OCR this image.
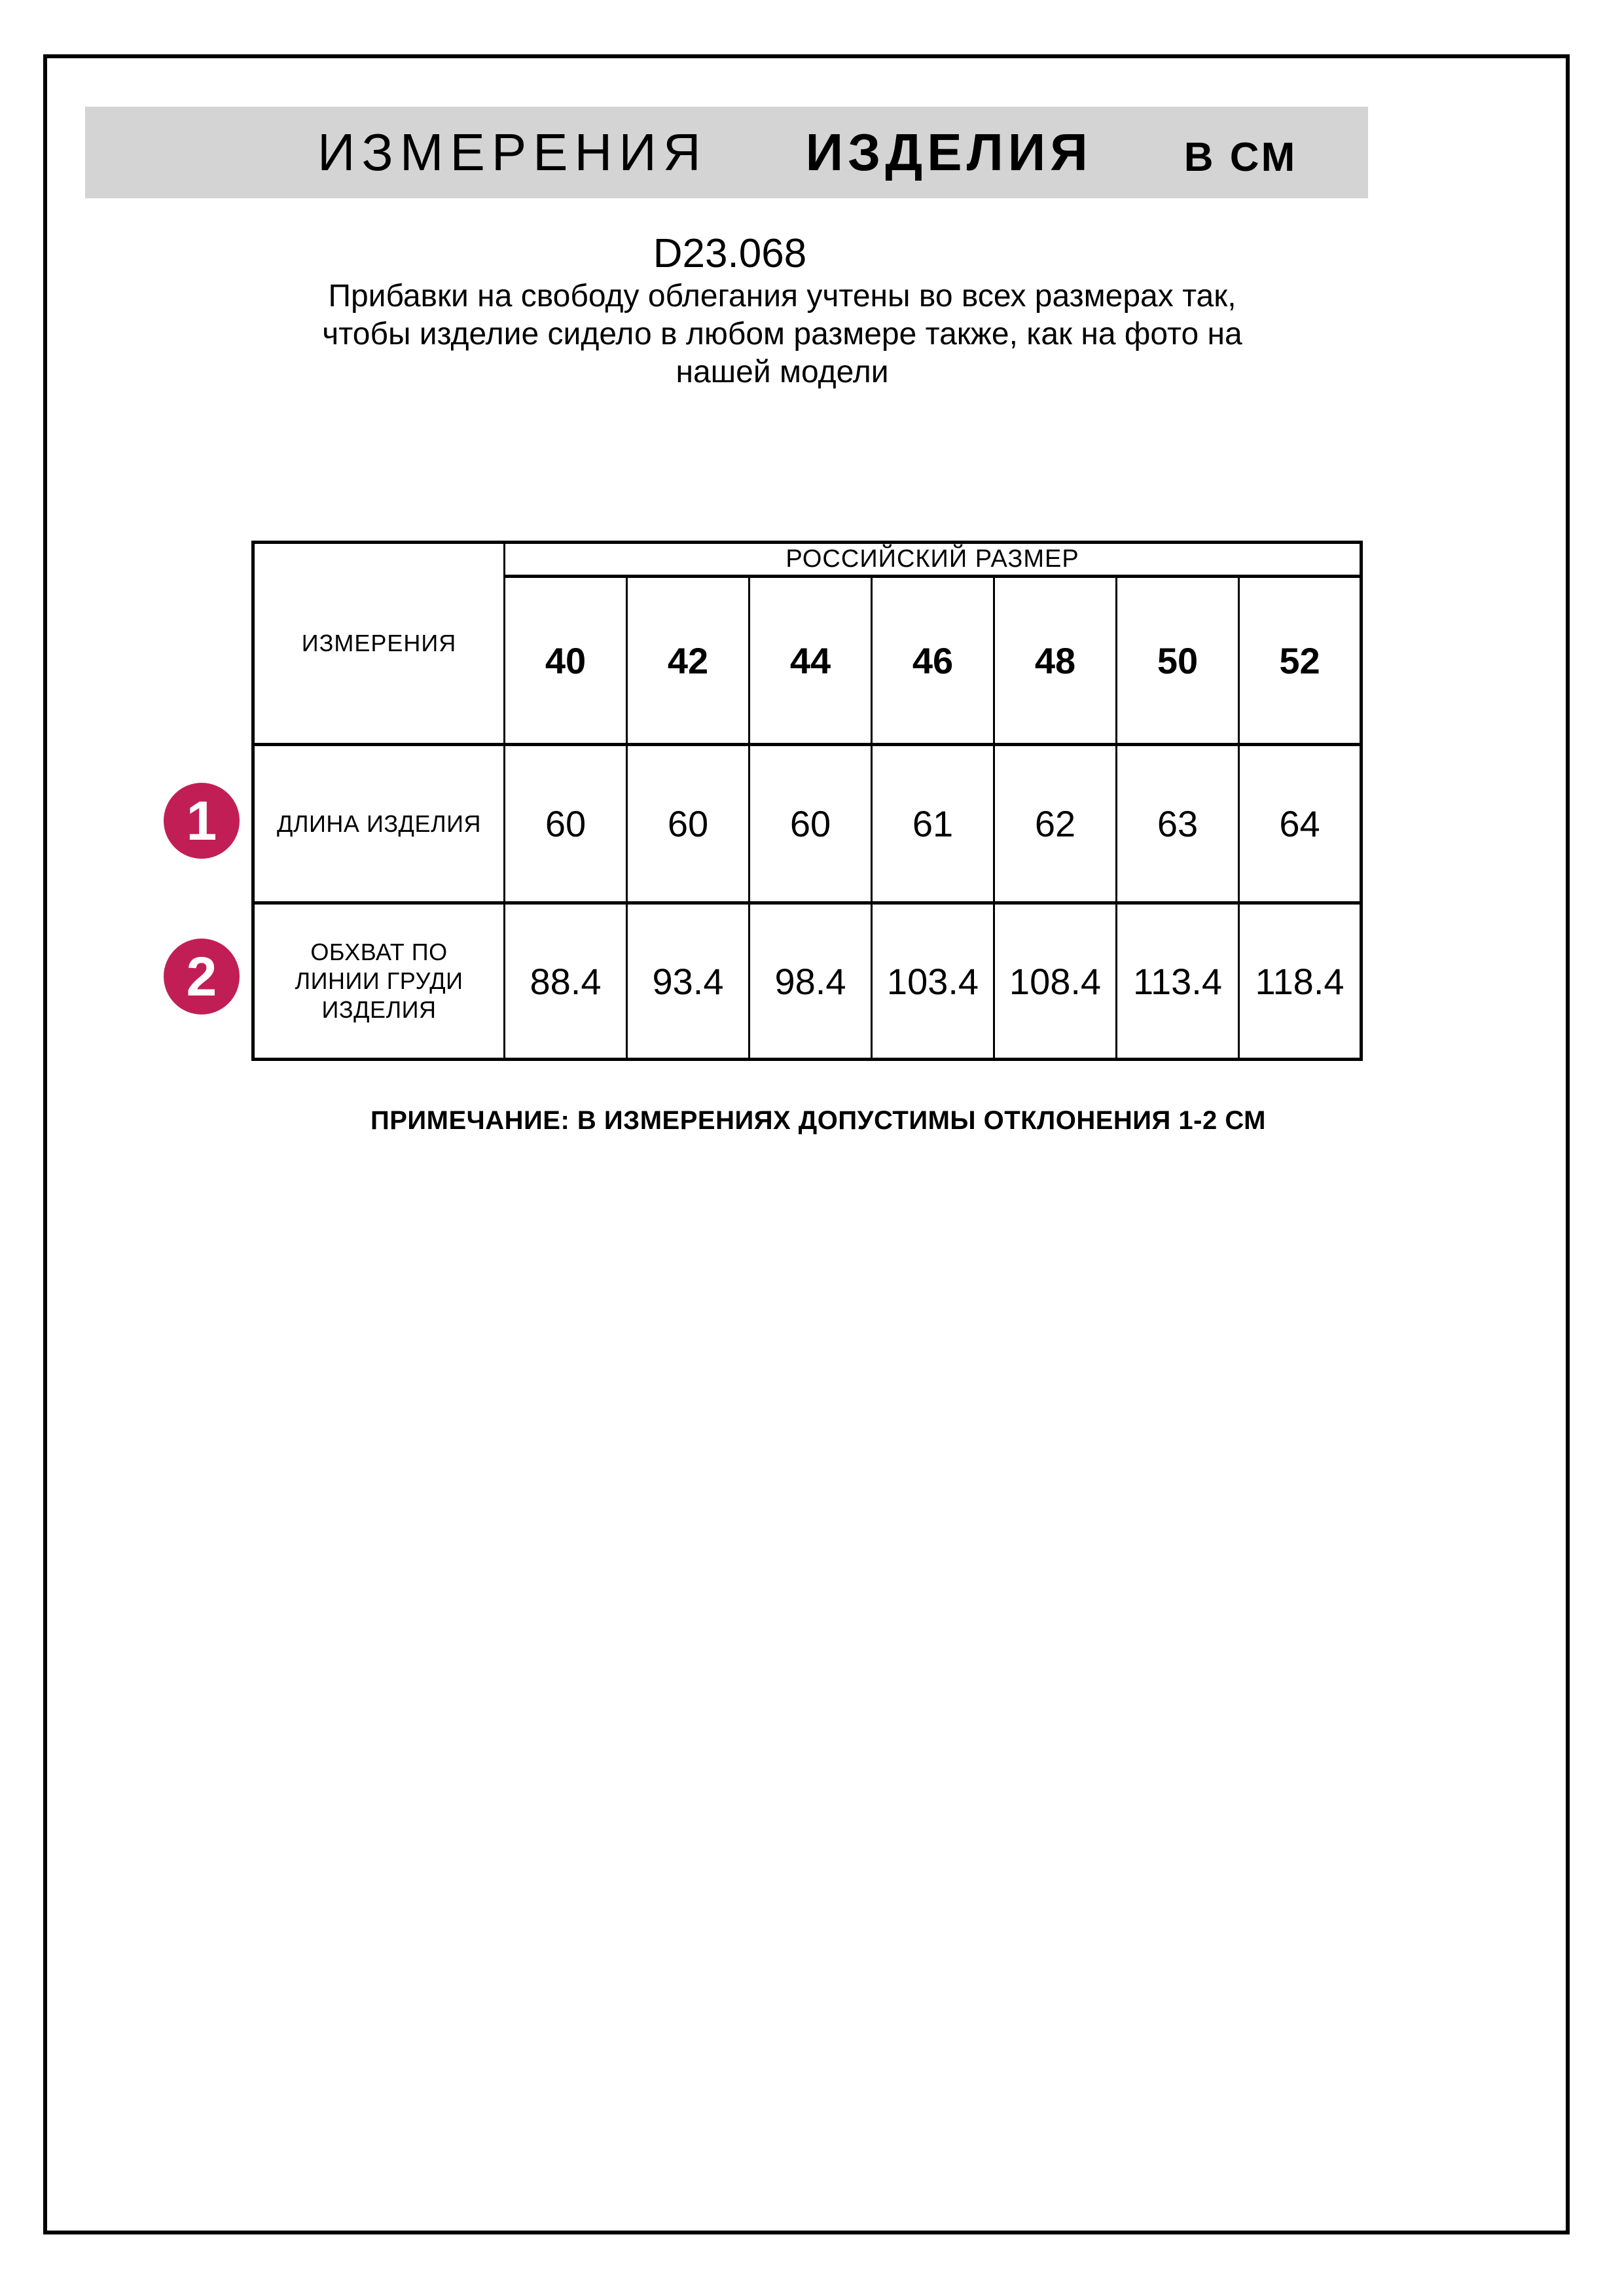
ИЗМЕРЕНИЯ ИЗДЕЛИЯ В СМ
D23.068
Прибавки на свободу облегания учтены во всех размерах так,
чтобы изделие сидело в любом размере также, как на фото на
нашей модели
ИЗМЕРЕНИЯ	РОССИЙСКИЙ РАЗМЕР						
	40	42	44	46	48	50	52

ДЛИНА ИЗДЕЛИЯ	60	60	60	61	62	63	64

ОБХВАТ ПО
ЛИНИИ ГРУДИ
ИЗДЕЛИЯ	88.4	93.4	98.4	103.4	108.4	113.4	118.4
1
2
ПРИМЕЧАНИЕ: В ИЗМЕРЕНИЯХ ДОПУСТИМЫ ОТКЛОНЕНИЯ 1-2 СМ
